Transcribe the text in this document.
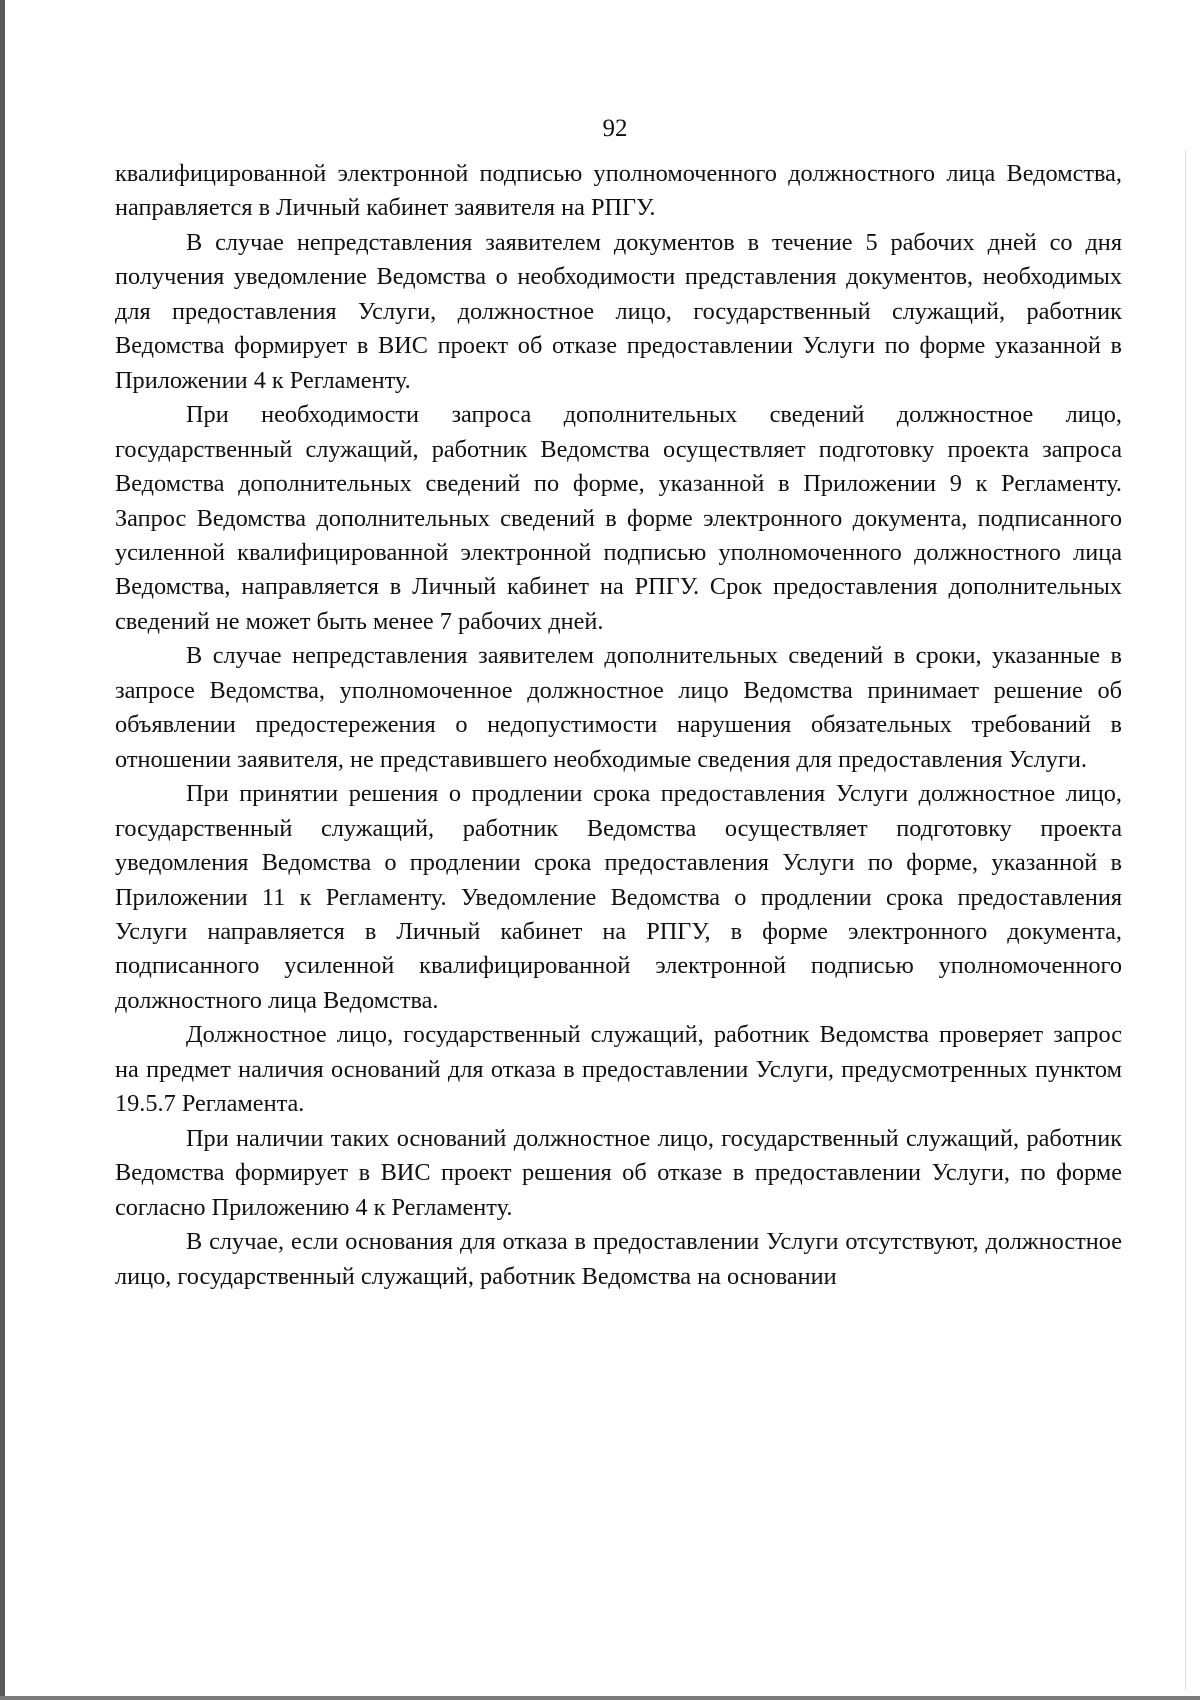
92

квалифицированной электронной подписью уполномоченного должностного лица Ведомства, направляется в Личный кабинет заявителя на РПГУ.

В случае непредставления заявителем документов в течение 5 рабочих дней со дня получения уведомление Ведомства о необходимости представления документов, необходимых для предоставления Услуги, должностное лицо, государственный служащий, работник Ведомства формирует в ВИС проект об отказе предоставлении Услуги по форме указанной в Приложении 4 к Регламенту.

При необходимости запроса дополнительных сведений должностное лицо, государственный служащий, работник Ведомства осуществляет подготовку проекта запроса Ведомства дополнительных сведений по форме, указанной в Приложении 9 к Регламенту. Запрос Ведомства дополнительных сведений в форме электронного документа, подписанного усиленной квалифицированной электронной подписью уполномоченного должностного лица Ведомства, направляется в Личный кабинет на РПГУ. Срок предоставления дополнительных сведений не может быть менее 7 рабочих дней.

В случае непредставления заявителем дополнительных сведений в сроки, указанные в запросе Ведомства, уполномоченное должностное лицо Ведомства принимает решение об объявлении предостережения о недопустимости нарушения обязательных требований в отношении заявителя, не представившего необходимые сведения для предоставления Услуги.

При принятии решения о продлении срока предоставления Услуги должностное лицо, государственный служащий, работник Ведомства осуществляет подготовку проекта уведомления Ведомства о продлении срока предоставления Услуги по форме, указанной в Приложении 11 к Регламенту. Уведомление Ведомства о продлении срока предоставления Услуги направляется в Личный кабинет на РПГУ, в форме электронного документа, подписанного усиленной квалифицированной электронной подписью уполномоченного должностного лица Ведомства.

Должностное лицо, государственный служащий, работник Ведомства проверяет запрос на предмет наличия оснований для отказа в предоставлении Услуги, предусмотренных пунктом 19.5.7 Регламента.

При наличии таких оснований должностное лицо, государственный служащий, работник Ведомства формирует в ВИС проект решения об отказе в предоставлении Услуги, по форме согласно Приложению 4 к Регламенту.

В случае, если основания для отказа в предоставлении Услуги отсутствуют, должностное лицо, государственный служащий, работник Ведомства на основании
